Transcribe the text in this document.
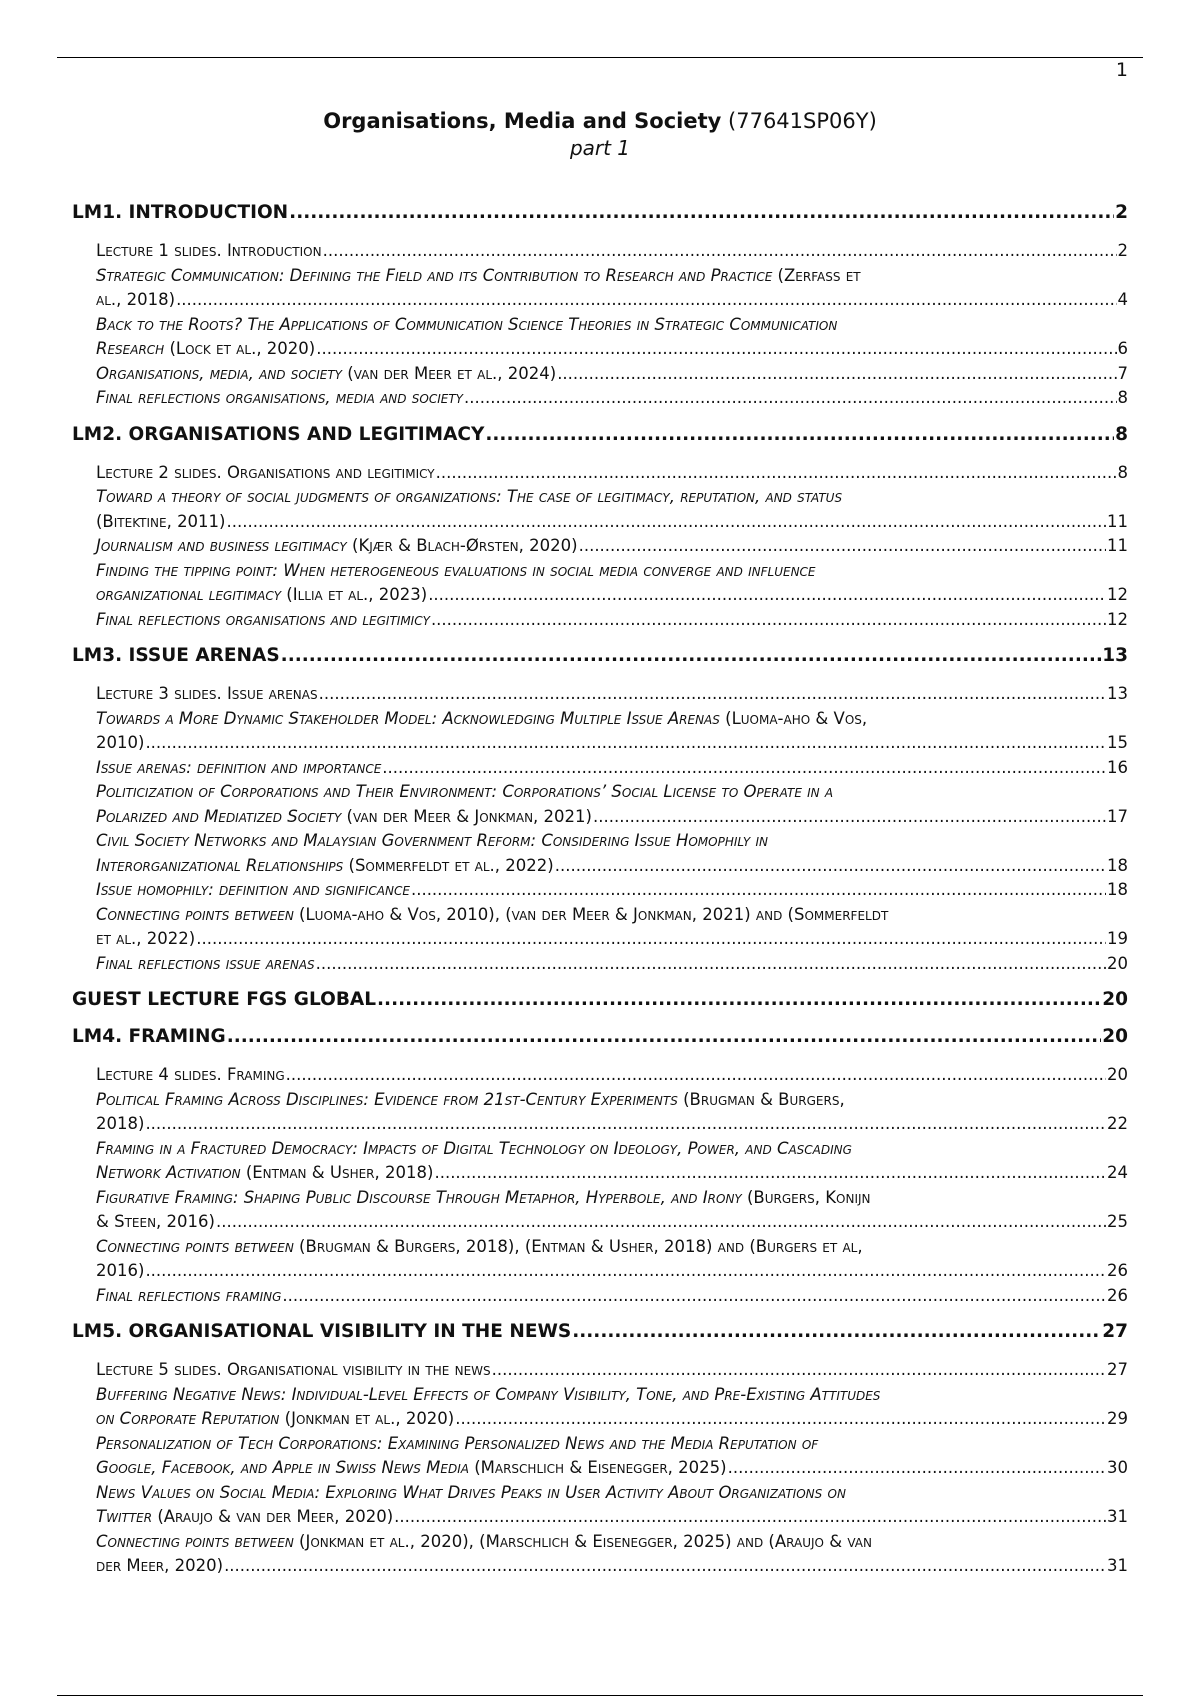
1
Organisations, Media and Society (77641SP06Y)
part 1
LM1. INTRODUCTION .....	2
Lecture 1 slides. Introduction .....	2
Strategic Communication: Defining the Field and its Contribution to Research and Practice (Zerfass et
al., 2018) .....	4
Back to the Roots? The Applications of Communication Science Theories in Strategic Communication
Research (Lock et al., 2020) .....	6
Organisations, media, and society (van der Meer et al., 2024) .....	7
Final reflections organisations, media and society .....	8
LM2. ORGANISATIONS AND LEGITIMACY .....	8
Lecture 2 slides. Organisations and legitimicy .....	8
Toward a theory of social judgments of organizations: The case of legitimacy, reputation, and status
(Bitektine, 2011) .....	11
Journalism and business legitimacy (Kjær & Blach-Ørsten, 2020) .....	11
Finding the tipping point: When heterogeneous evaluations in social media converge and influence
organizational legitimacy (Illia et al., 2023) .....	12
Final reflections organisations and legitimicy .....	12
LM3. ISSUE ARENAS .....	13
Lecture 3 slides. Issue arenas .....	13
Towards a More Dynamic Stakeholder Model: Acknowledging Multiple Issue Arenas (Luoma-aho & Vos,
2010) .....	15
Issue arenas: definition and importance .....	16
Politicization of Corporations and Their Environment: Corporations’ Social License to Operate in a
Polarized and Mediatized Society (van der Meer & Jonkman, 2021) .....	17
Civil Society Networks and Malaysian Government Reform: Considering Issue Homophily in
Interorganizational Relationships (Sommerfeldt et al., 2022) .....	18
Issue homophily: definition and significance .....	18
Connecting points between (Luoma-aho & Vos, 2010), (van der Meer & Jonkman, 2021) and (Sommerfeldt
et al., 2022) .....	19
Final reflections issue arenas .....	20
GUEST LECTURE FGS GLOBAL .....	20
LM4. FRAMING .....	20
Lecture 4 slides. Framing .....	20
Political Framing Across Disciplines: Evidence from 21st-Century Experiments (Brugman & Burgers,
2018) .....	22
Framing in a Fractured Democracy: Impacts of Digital Technology on Ideology, Power, and Cascading
Network Activation (Entman & Usher, 2018) .....	24
Figurative Framing: Shaping Public Discourse Through Metaphor, Hyperbole, and Irony (Burgers, Konijn
& Steen, 2016) .....	25
Connecting points between (Brugman & Burgers, 2018), (Entman & Usher, 2018) and (Burgers et al,
2016) .....	26
Final reflections framing .....	26
LM5. ORGANISATIONAL VISIBILITY IN THE NEWS .....	27
Lecture 5 slides. Organisational visibility in the news .....	27
Buffering Negative News: Individual-Level Effects of Company Visibility, Tone, and Pre-Existing Attitudes
on Corporate Reputation (Jonkman et al., 2020) .....	29
Personalization of Tech Corporations: Examining Personalized News and the Media Reputation of
Google, Facebook, and Apple in Swiss News Media (Marschlich & Eisenegger, 2025) .....	30
News Values on Social Media: Exploring What Drives Peaks in User Activity About Organizations on
Twitter (Araujo & van der Meer, 2020) .....	31
Connecting points between (Jonkman et al., 2020), (Marschlich & Eisenegger, 2025) and (Araujo & van
der Meer, 2020) .....	31
